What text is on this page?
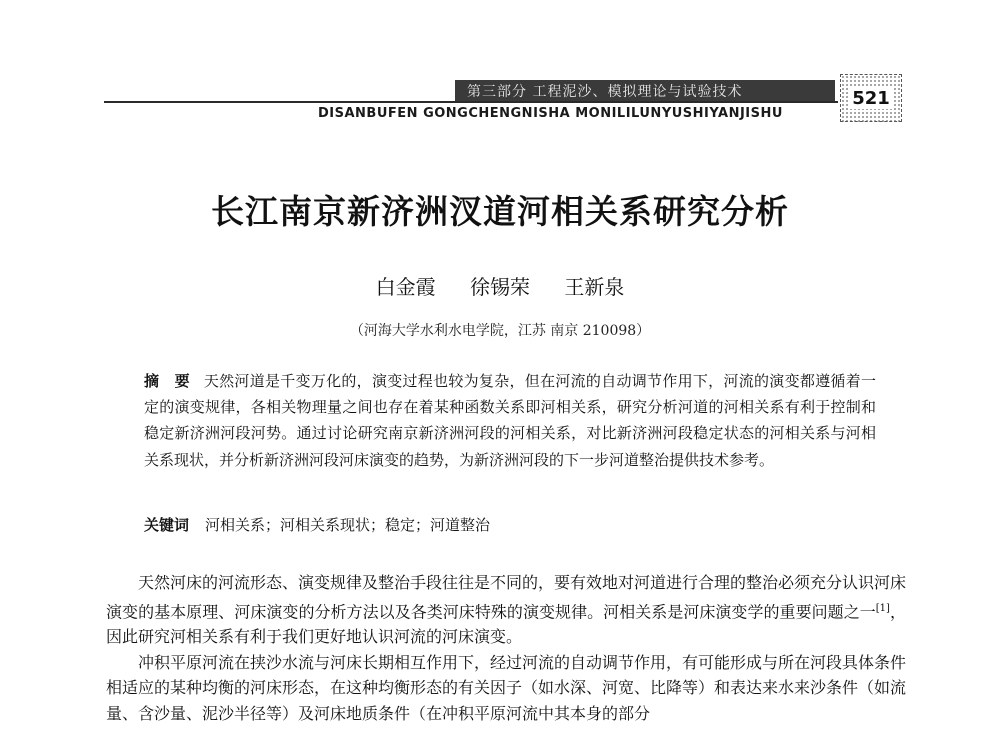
第三部分 工程泥沙、模拟理论与试验技术
DISANBUFEN GONGCHENGNISHA MONILILUNYUSHIYANJISHU
521
长江南京新济洲汊道河相关系研究分析
白金霞 徐锡荣 王新泉
（河海大学水利水电学院，江苏 南京 210098）
摘　要 天然河道是千变万化的，演变过程也较为复杂，但在河流的自动调节作用下，河流的演变都遵循着一定的演变规律，各相关物理量之间也存在着某种函数关系即河相关系，研究分析河道的河相关系有利于控制和稳定新济洲河段河势。通过讨论研究南京新济洲河段的河相关系，对比新济洲河段稳定状态的河相关系与河相关系现状，并分析新济洲河段河床演变的趋势，为新济洲河段的下一步河道整治提供技术参考。
关键词 河相关系；河相关系现状；稳定；河道整治

天然河床的河流形态、演变规律及整治手段往往是不同的，要有效地对河道进行合理的整治必须充分认识河床演变的基本原理、河床演变的分析方法以及各类河床特殊的演变规律。河相关系是河床演变学的重要问题之一[1]，因此研究河相关系有利于我们更好地认识河流的河床演变。

冲积平原河流在挟沙水流与河床长期相互作用下，经过河流的自动调节作用，有可能形成与所在河段具体条件相适应的某种均衡的河床形态，在这种均衡形态的有关因子（如水深、河宽、比降等）和表达来水来沙条件（如流量、含沙量、泥沙半径等）及河床地质条件（在冲积平原河流中其本身的部分
